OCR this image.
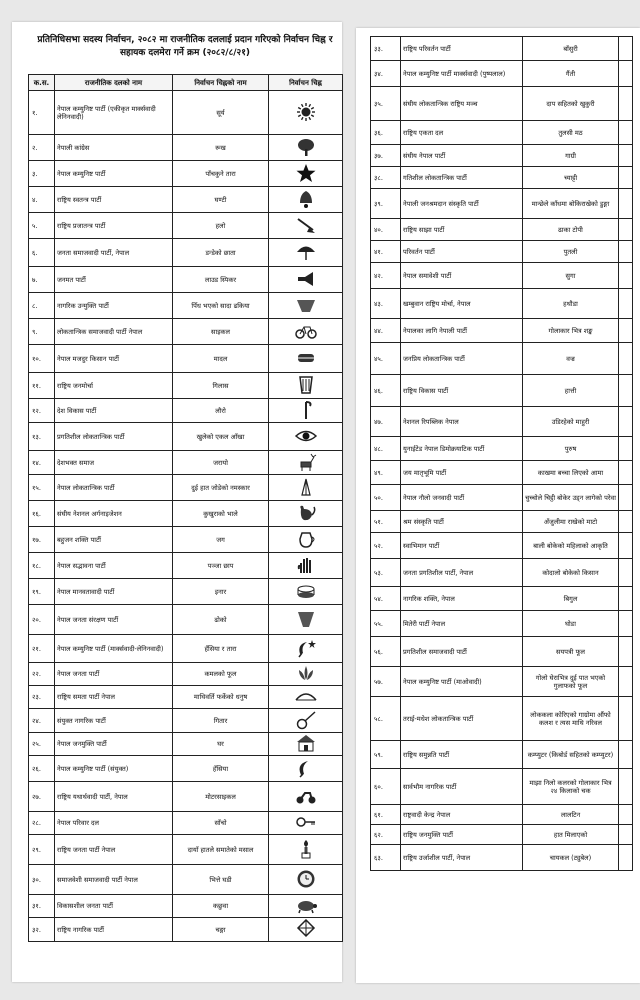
प्रतिनिधिसभा सदस्य निर्वाचन, २०८२ मा राजनीतिक दललाई प्रदान गरिएको निर्वाचन चिह्न र सहायक दलमेरा गर्ने क्रम (२०८२/८/२१)
क.स.	राजनीतिक दलको नाम	निर्वाचन चिह्नको नाम	निर्वाचन चिह्न
१.	नेपाल कम्युनिष्ट पार्टी (एकीकृत मार्क्सवादी लेनिनवादी)	सूर्य	
२.	नेपाली कांग्रेस	रूख	
३.	नेपाल कम्युनिष्ट पार्टी	पाँचकुने तारा	
४.	राष्ट्रिय स्वतन्त्र पार्टी	घण्टी	
५.	राष्ट्रिय प्रजातन्त्र पार्टी	हलो	
६.	जनता समाजवादी पार्टी, नेपाल	डन्डेको छाता	
७.	जनमत पार्टी	लाउड स्पिकर	
८.	नागरिक उन्मुक्ति पार्टी	पिँध भएको सादा ढकिया	
९.	लोकतान्त्रिक समाजवादी पार्टी नेपाल	साइकल	
१०.	नेपाल मजदुर किसान पार्टी	मादल	
११.	राष्ट्रिय जनमोर्चा	गिलास	
१२.	देश विकास पार्टी	लौरो	
१३.	प्रगतिशील लोकतान्त्रिक पार्टी	खुलेको एकल आँखा	
१४.	देशभक्त समाज	जरायो	
१५.	नेपाल लोकतान्त्रिक पार्टी	दुई हात जोडेको नमस्कार	
१६.	संघीय नेशनल अर्गनाइजेशन	कुखुराको भाले	
१७.	बहुजन शक्ति पार्टी	जग	
१८.	नेपाल सद्भावना पार्टी	पञ्जा छाप	
१९.	नेपाल मानवतावादी पार्टी	इनार	
२०.	नेपाल जनता संरक्षण पार्टी	ढोको	
२१.	नेपाल कम्युनिष्ट पार्टी (मार्क्सवादी-लेनिनवादी)	हँसिया र तारा	
२२.	नेपाल जनता पार्टी	कमलको फूल	
२३.	राष्ट्रिय समता पार्टी नेपाल	माथिवर्ति फर्केको धनुष	
२४.	संयुक्त नागरिक पार्टी	गितार	
२५.	नेपाल जनमुक्ति पार्टी	घर	
२६.	नेपाल कम्युनिष्ट पार्टी (संयुक्त)	हँसिया	
२७.	राष्ट्रिय यथार्थवादी पार्टी, नेपाल	मोटरसाइकल	
२८.	नेपाल परिवार दल	साँचो	
२९.	राष्ट्रिय जनता पार्टी नेपाल	दायाँ हातले समातेको मसाल	
३०.	समाजवेशी समाजवादी पार्टी नेपाल	भित्ते घडी	
३१.	विकासशील जनता पार्टी	कछुवा	
३२.	राष्ट्रिय नागरिक पार्टी	चङ्गा	
३३.	राष्ट्रिय परिवर्तन पार्टी	बाँसुरी	
३४.	नेपाल कम्युनिष्ट पार्टी मार्क्सवादी (पुष्पलाल)	गैंती	
३५.	संघीय लोकतान्त्रिक राष्ट्रिय मञ्च	दाप सहितको खुकुरी	
३६.	राष्ट्रिय एकता दल	तुलसी मठ	
३७.	संघीय नेपाल पार्टी	गाग्री	
३८.	गतिशील लोकतान्त्रिक पार्टी	च्याट्टी	
३९.	नेपाली जनश्रमदान संस्कृति पार्टी	मान्छेले काँधमा बोकिराखेको डुङ्गा	
४०.	राष्ट्रिय साझा पार्टी	ढाका टोपी	
४१.	परिवर्तन पार्टी	पुतली	
४२.	नेपाल समावेशी पार्टी	सुगा	
४३.	खम्बुवान राष्ट्रिय मोर्चा, नेपाल	हथौडा	
४४.	नेपालका लागि नेपाली पार्टी	गोलाकार भित्र शङ्ख	
४५.	जनप्रिय लोकतान्त्रिक पार्टी	वज्र	
४६.	राष्ट्रिय विकास पार्टी	हात्ती	
४७.	नेशनल रिपब्लिक नेपाल	उडिरहेको माहुरी	
४८.	युनाईटेड नेपाल डिमोक्रयाटिक पार्टी	पुरुष	
४९.	जय मातृभूमि पार्टी	काखमा बच्चा लिएको आमा	
५०.	नेपाल नौलो जनवादी पार्टी	चुच्चोले चिट्ठी बोकेर उड्न लागेको परेवा	
५१.	श्रम संस्कृति पार्टी	अँजुलीमा राखेको माटो	
५२.	स्वाभिमान पार्टी	बाली बोकेको महिलाको आकृति	
५३.	जनता प्रगतिशील पार्टी, नेपाल	कोदालो बोकेको किसान	
५४.	नागरिक शक्ति, नेपाल	बिगुल	
५५.	मितेरी पार्टी नेपाल	घोडा	
५६.	प्रगतिशील समाजवादी पार्टी	सयपत्री फूल	
५७.	नेपाल कम्युनिष्ट पार्टी (माओवादी)	गोलो घेराभित्र दुई पात भएको गुलाफको फूल	
५८.	तराई-मधेश लोकतान्त्रिक पार्टी	लोककला कोरिएको गाग्रोमा औंफो कलश र त्यस माथि नरिवल	
५९.	राष्ट्रिय समुन्नति पार्टी	कम्प्युटर (किबोर्ड सहितको कम्प्युटर)	
६०.	सार्वभौम नागरिक पार्टी	माझा निलो कलरको गोलाकार भित्र २४ किलाको चक	
६१.	राष्ट्रवादी केन्द्र नेपाल	लालटिन	
६२.	राष्ट्रिय जनमुक्ति पार्टी	हात मिलाएको	
६३.	राष्ट्रिय उर्जाशील पार्टी, नेपाल	चायकल (ट्युबेल)	
